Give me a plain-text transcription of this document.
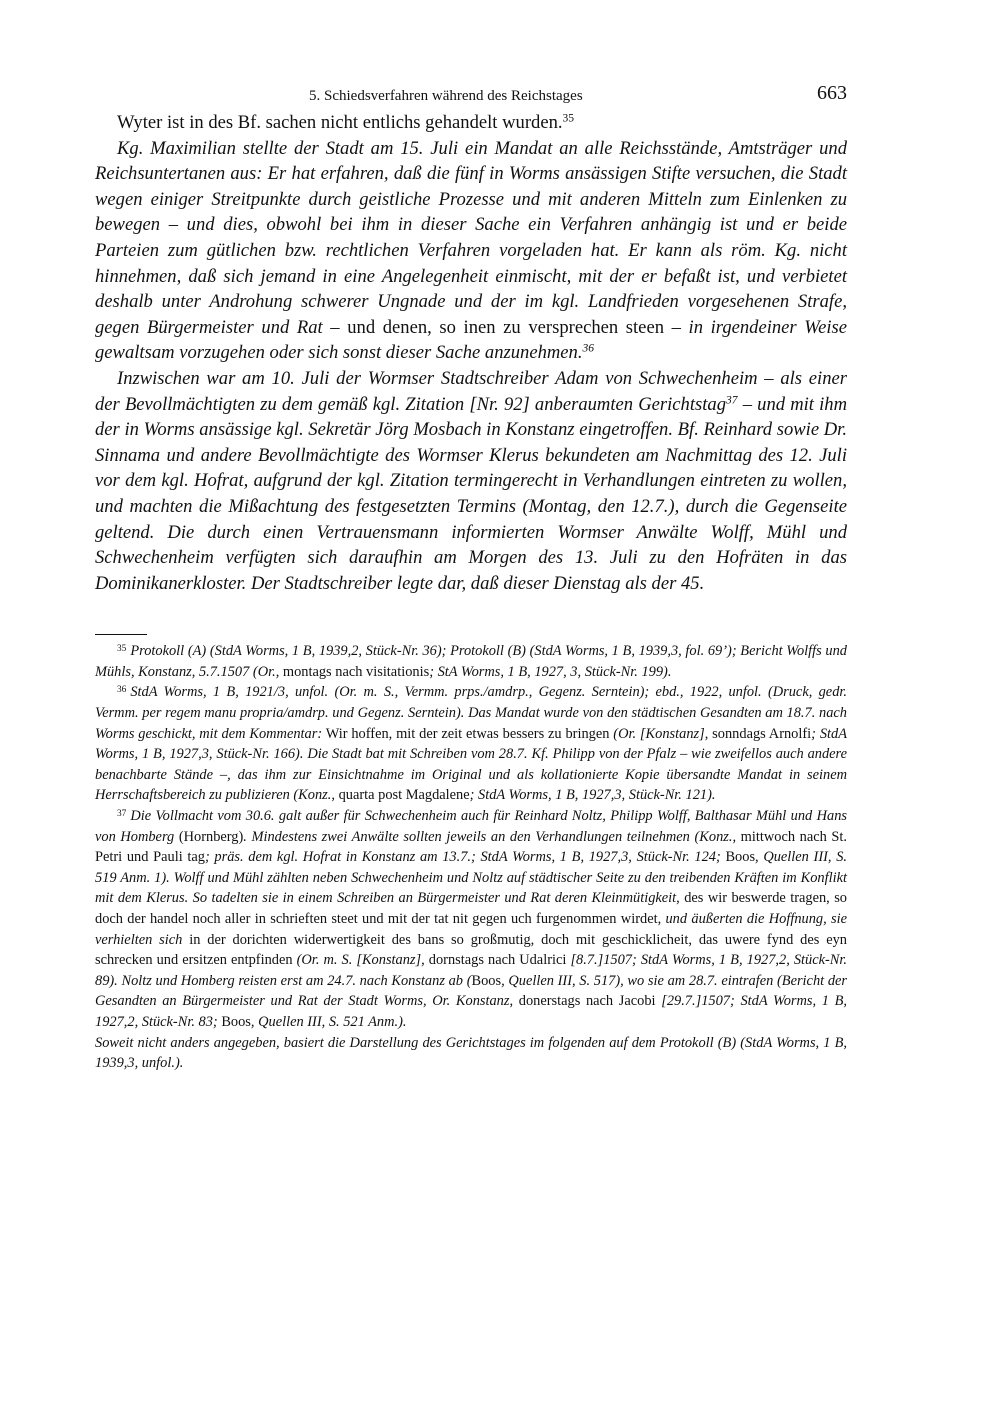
5. Schiedsverfahren während des Reichstages	663

Wyter ist in des Bf. sachen nicht entlichs gehandelt wurden.$^{35}$

Kg. Maximilian stellte der Stadt am 15. Juli ein Mandat an alle Reichsstände, Amtsträger und Reichsuntertanen aus: Er hat erfahren, daß die fünf in Worms ansässigen Stifte versuchen, die Stadt wegen einiger Streitpunkte durch geistliche Prozesse und mit anderen Mitteln zum Einlenken zu bewegen – und dies, obwohl bei ihm in dieser Sache ein Verfahren anhängig ist und er beide Parteien zum gütlichen bzw. rechtlichen Verfahren vorgeladen hat. Er kann als röm. Kg. nicht hinnehmen, daß sich jemand in eine Angelegenheit einmischt, mit der er befaßt ist, und verbietet deshalb unter Androhung schwerer Ungnade und der im kgl. Landfrieden vorgesehenen Strafe, gegen Bürgermeister und Rat – und denen, so inen zu versprechen steen – in irgendeiner Weise gewaltsam vorzugehen oder sich sonst dieser Sache anzunehmen.$^{36}$

Inzwischen war am 10. Juli der Wormser Stadtschreiber Adam von Schwechenheim – als einer der Bevollmächtigten zu dem gemäß kgl. Zitation [Nr. 92] anberaumten Gerichtstag$^{37}$ – und mit ihm der in Worms ansässige kgl. Sekretär Jörg Mosbach in Konstanz eingetroffen. Bf. Reinhard sowie Dr. Sinnama und andere Bevollmächtigte des Wormser Klerus bekundeten am Nachmittag des 12. Juli vor dem kgl. Hofrat, aufgrund der kgl. Zitation termingerecht in Verhandlungen eintreten zu wollen, und machten die Mißachtung des festgesetzten Termins (Montag, den 12.7.), durch die Gegenseite geltend. Die durch einen Vertrauensmann informierten Wormser Anwälte Wolff, Mühl und Schwechenheim verfügten sich daraufhin am Morgen des 13. Juli zu den Hofräten in das Dominikanerkloster. Der Stadtschreiber legte dar, daß dieser Dienstag als der 45.

$^{35}$ Protokoll (A) (StdA Worms, 1 B, 1939,2, Stück-Nr. 36); Protokoll (B) (StdA Worms, 1 B, 1939,3, fol. 69’); Bericht Wolffs und Mühls, Konstanz, 5.7.1507 (Or., montags nach visitationis; StA Worms, 1 B, 1927, 3, Stück-Nr. 199).

$^{36}$ StdA Worms, 1 B, 1921/3, unfol. (Or. m. S., Vermm. prps./amdrp., Gegenz. Serntein); ebd., 1922, unfol. (Druck, gedr. Vermm. per regem manu propria/amdrp. und Gegenz. Serntein). Das Mandat wurde von den städtischen Gesandten am 18.7. nach Worms geschickt, mit dem Kommentar: Wir hoffen, mit der zeit etwas bessers zu bringen (Or. [Konstanz], sonndags Arnolfi; StdA Worms, 1 B, 1927,3, Stück-Nr. 166). Die Stadt bat mit Schreiben vom 28.7. Kf. Philipp von der Pfalz – wie zweifellos auch andere benachbarte Stände –, das ihm zur Einsichtnahme im Original und als kollationierte Kopie übersandte Mandat in seinem Herrschaftsbereich zu publizieren (Konz., quarta post Magdalene; StdA Worms, 1 B, 1927,3, Stück-Nr. 121).

$^{37}$ Die Vollmacht vom 30.6. galt außer für Schwechenheim auch für Reinhard Noltz, Philipp Wolff, Balthasar Mühl und Hans von Homberg (Hornberg). Mindestens zwei Anwälte sollten jeweils an den Verhandlungen teilnehmen (Konz., mittwoch nach St. Petri und Pauli tag; präs. dem kgl. Hofrat in Konstanz am 13.7.; StdA Worms, 1 B, 1927,3, Stück-Nr. 124; Boos, Quellen III, S. 519 Anm. 1). Wolff und Mühl zählten neben Schwechenheim und Noltz auf städtischer Seite zu den treibenden Kräften im Konflikt mit dem Klerus. So tadelten sie in einem Schreiben an Bürgermeister und Rat deren Kleinmütigkeit, des wir beswerde tragen, so doch der handel noch aller in schrieften steet und mit der tat nit gegen uch furgenommen wirdet, und äußerten die Hoffnung, sie verhielten sich in der dorichten widerwertigkeit des bans so großmutig, doch mit geschicklicheit, das uwere fynd des eyn schrecken und ersitzen entpfinden (Or. m. S. [Konstanz], dornstags nach Udalrici [8.7.]1507; StdA Worms, 1 B, 1927,2, Stück-Nr. 89). Noltz und Homberg reisten erst am 24.7. nach Konstanz ab (Boos, Quellen III, S. 517), wo sie am 28.7. eintrafen (Bericht der Gesandten an Bürgermeister und Rat der Stadt Worms, Or. Konstanz, donerstags nach Jacobi [29.7.]1507; StdA Worms, 1 B, 1927,2, Stück-Nr. 83; Boos, Quellen III, S. 521 Anm.).

Soweit nicht anders angegeben, basiert die Darstellung des Gerichtstages im folgenden auf dem Protokoll (B) (StdA Worms, 1 B, 1939,3, unfol.).
